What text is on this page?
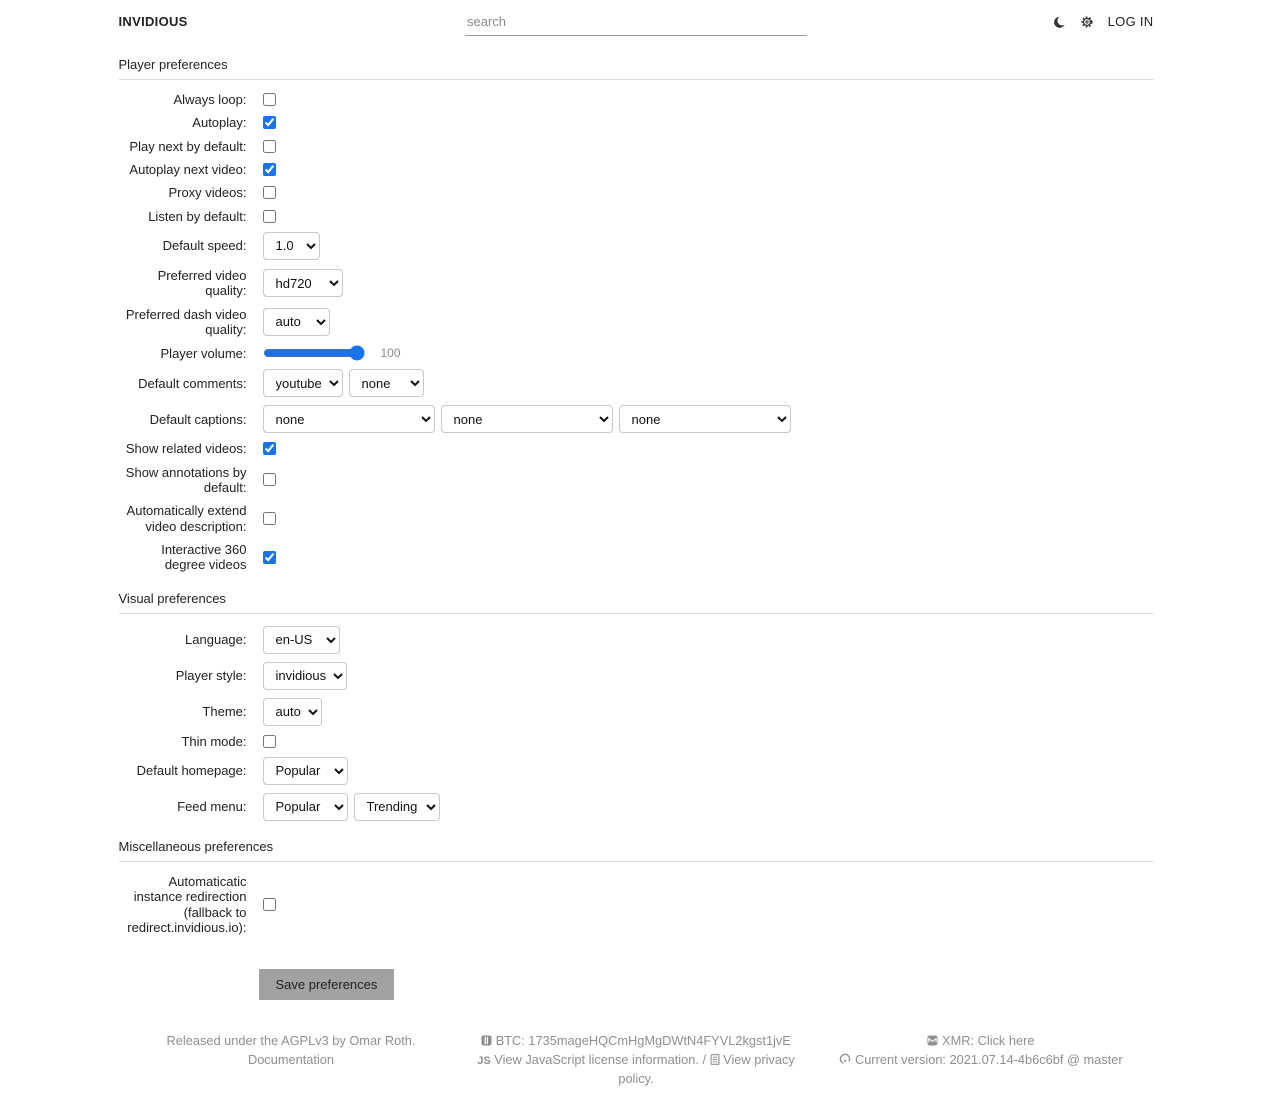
INVIDIOUS
search	LOG IN
Player preferences
Always loop:
Autoplay:
Play next by default:
Autoplay next video:
Proxy videos:
Listen by default:
Default speed:
1.0
Preferred video quality:
hd720
Preferred dash video quality:
auto
Player volume:	100
Default comments:
youtube
none
Default captions:
none
none
none
Show related videos:
Show annotations by default:
Automatically extend video description:
Interactive 360 degree videos
Visual preferences
Language:
en-US
Player style:
invidious
Theme:
auto
Thin mode:
Default homepage:
Popular
Feed menu:
Popular
Trending
Miscellaneous preferences
Automaticatic instance redirection (fallback to redirect.invidious.io):
Save preferences
Released under the AGPLv3 by Omar Roth.
Documentation
BTC: 1735mageHQCmHgMgDWtN4FYVL2kgst1jvE
JS View JavaScript license information. / View privacy policy.
XMR: Click here
Current version: 2021.07.14-4b6c6bf @ master
